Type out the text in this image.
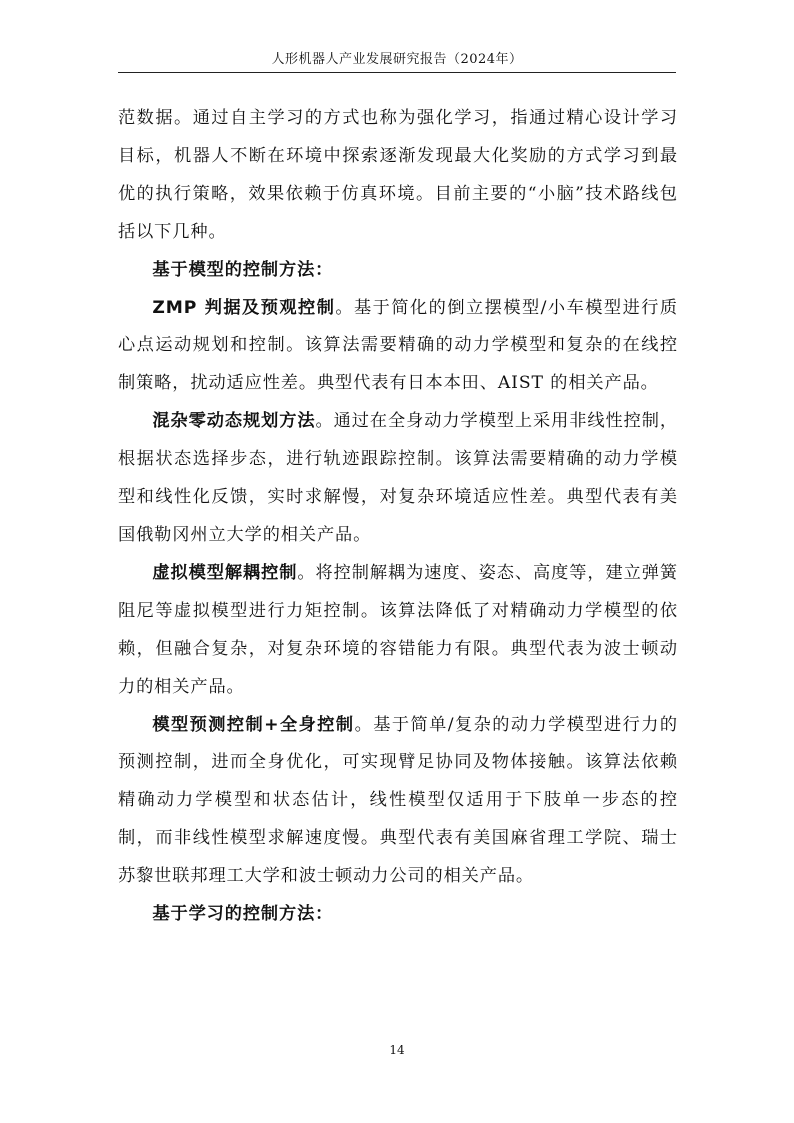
人形机器人产业发展研究报告（2024年）

范数据。通过自主学习的方式也称为强化学习，指通过精心设计学习目标，机器人不断在环境中探索逐渐发现最大化奖励的方式学习到最优的执行策略，效果依赖于仿真环境。目前主要的“小脑”技术路线包括以下几种。

基于模型的控制方法：

ZMP 判据及预观控制。基于简化的倒立摆模型/小车模型进行质心点运动规划和控制。该算法需要精确的动力学模型和复杂的在线控制策略，扰动适应性差。典型代表有日本本田、AIST 的相关产品。

混杂零动态规划方法。通过在全身动力学模型上采用非线性控制，根据状态选择步态，进行轨迹跟踪控制。该算法需要精确的动力学模型和线性化反馈，实时求解慢，对复杂环境适应性差。典型代表有美国俄勒冈州立大学的相关产品。

虚拟模型解耦控制。将控制解耦为速度、姿态、高度等，建立弹簧阻尼等虚拟模型进行力矩控制。该算法降低了对精确动力学模型的依赖，但融合复杂，对复杂环境的容错能力有限。典型代表为波士顿动力的相关产品。

模型预测控制+全身控制。基于简单/复杂的动力学模型进行力的预测控制，进而全身优化，可实现臂足协同及物体接触。该算法依赖精确动力学模型和状态估计，线性模型仅适用于下肢单一步态的控制，而非线性模型求解速度慢。典型代表有美国麻省理工学院、瑞士苏黎世联邦理工大学和波士顿动力公司的相关产品。

基于学习的控制方法：

14
